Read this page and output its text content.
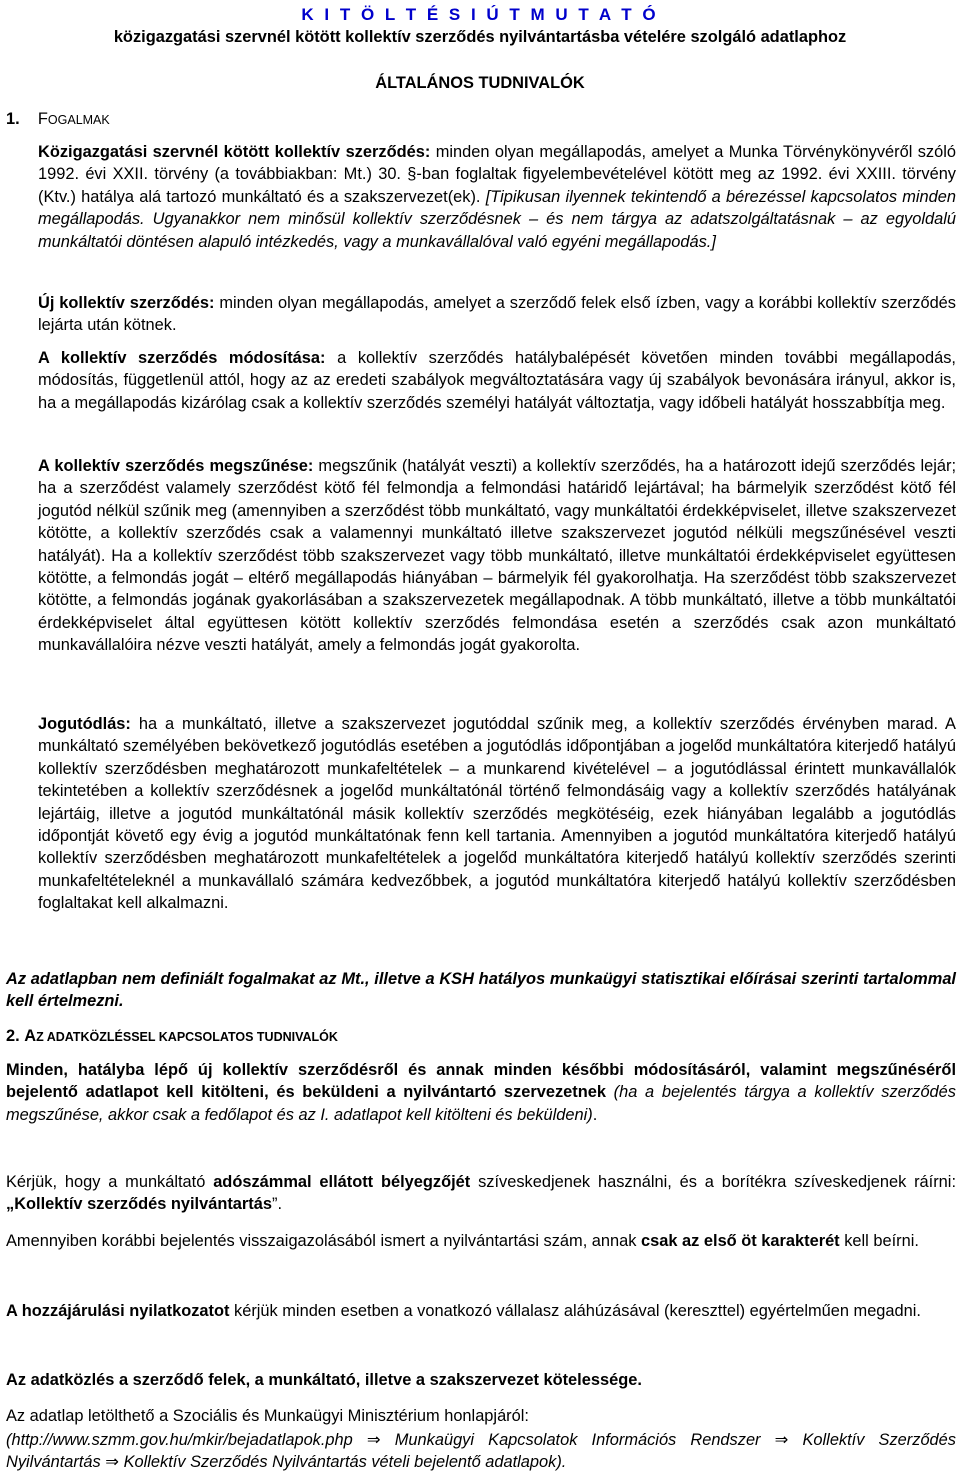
K I T Ö L T É S I Ú T M U T A T Ó
közigazgatási szervnél kötött kollektív szerződés nyilvántartásba vételére szolgáló adatlaphoz
ÁLTALÁNOS TUDNIVALÓK
1. FOGALMAK
Közigazgatási szervnél kötött kollektív szerződés: minden olyan megállapodás, amelyet a Munka Törvénykönyvéről szóló 1992. évi XXII. törvény (a továbbiakban: Mt.) 30. §-ban foglaltak figyelembevételével kötött meg az 1992. évi XXIII. törvény (Ktv.) hatálya alá tartozó munkáltató és a szakszervezet(ek). [Tipikusan ilyennek tekintendő a bérezéssel kapcsolatos minden megállapodás. Ugyanakkor nem minősül kollektív szerződésnek – és nem tárgya az adatszolgáltatásnak – az egyoldalú munkáltatói döntésen alapuló intézkedés, vagy a munkavállalóval való egyéni megállapodás.]
Új kollektív szerződés: minden olyan megállapodás, amelyet a szerződő felek első ízben, vagy a korábbi kollektív szerződés lejárta után kötnek.
A kollektív szerződés módosítása: a kollektív szerződés hatálybalépését követően minden további megállapodás, módosítás, függetlenül attól, hogy az az eredeti szabályok megváltoztatására vagy új szabályok bevonására irányul, akkor is, ha a megállapodás kizárólag csak a kollektív szerződés személyi hatályát változtatja, vagy időbeli hatályát hosszabbítja meg.
A kollektív szerződés megszűnése: megszűnik (hatályát veszti) a kollektív szerződés, ha a határozott idejű szerződés lejár; ha a szerződést valamely szerződést kötő fél felmondja a felmondási határidő lejártával; ha bármelyik szerződést kötő fél jogutód nélkül szűnik meg (amennyiben a szerződést több munkáltató, vagy munkáltatói érdekképviselet, illetve szakszervezet kötötte, a kollektív szerződés csak a valamennyi munkáltató illetve szakszervezet jogutód nélküli megszűnésével veszti hatályát). Ha a kollektív szerződést több szakszervezet vagy több munkáltató, illetve munkáltatói érdekképviselet együttesen kötötte, a felmondás jogát – eltérő megállapodás hiányában – bármelyik fél gyakorolhatja. Ha szerződést több szakszervezet kötötte, a felmondás jogának gyakorlásában a szakszervezetek megállapodnak. A több munkáltató, illetve a több munkáltatói érdekképviselet által együttesen kötött kollektív szerződés felmondása esetén a szerződés csak azon munkáltató munkavállalóira nézve veszti hatályát, amely a felmondás jogát gyakorolta.
Jogutódlás: ha a munkáltató, illetve a szakszervezet jogutóddal szűnik meg, a kollektív szerződés érvényben marad. A munkáltató személyében bekövetkező jogutódlás esetében a jogutódlás időpontjában a jogelőd munkáltatóra kiterjedő hatályú kollektív szerződésben meghatározott munkafeltételek – a munkarend kivételével – a jogutódlással érintett munkavállalók tekintetében a kollektív szerződésnek a jogelőd munkáltatónál történő felmondásáig vagy a kollektív szerződés hatályának lejártáig, illetve a jogutód munkáltatónál másik kollektív szerződés megkötéséig, ezek hiányában legalább a jogutódlás időpontját követő egy évig a jogutód munkáltatónak fenn kell tartania. Amennyiben a jogutód munkáltatóra kiterjedő hatályú kollektív szerződésben meghatározott munkafeltételek a jogelőd munkáltatóra kiterjedő hatályú kollektív szerződés szerinti munkafeltételeknél a munkavállaló számára kedvezőbbek, a jogutód munkáltatóra kiterjedő hatályú kollektív szerződésben foglaltakat kell alkalmazni.
Az adatlapban nem definiált fogalmakat az Mt., illetve a KSH hatályos munkaügyi statisztikai előírásai szerinti tartalommal kell értelmezni.
2. AZ ADATKÖZLÉSSEL KAPCSOLATOS TUDNIVALÓK
Minden, hatályba lépő új kollektív szerződésről és annak minden későbbi módosításáról, valamint megszűnéséről bejelentő adatlapot kell kitölteni, és beküldeni a nyilvántartó szervezetnek (ha a bejelentés tárgya a kollektív szerződés megszűnése, akkor csak a fedőlapot és az I. adatlapot kell kitölteni és beküldeni).
Kérjük, hogy a munkáltató adószámmal ellátott bélyegzőjét szíveskedjenek használni, és a borítékra szíveskedjenek ráírni: „Kollektív szerződés nyilvántartás”.
Amennyiben korábbi bejelentés visszaigazolásából ismert a nyilvántartási szám, annak csak az első öt karakterét kell beírni.
A hozzájárulási nyilatkozatot kérjük minden esetben a vonatkozó vállalasz aláhúzásával (kereszttel) egyértelműen megadni.
Az adatközlés a szerződő felek, a munkáltató, illetve a szakszervezet kötelessége.
Az adatlap letölthető a Szociális és Munkaügyi Minisztérium honlapjáról:
(http://www.szmm.gov.hu/mkir/bejadatlapok.php ⇒ Munkaügyi Kapcsolatok Információs Rendszer ⇒ Kollektív Szerződés Nyilvántartás ⇒ Kollektív Szerződés Nyilvántartás vételi bejelentő adatlapok).
